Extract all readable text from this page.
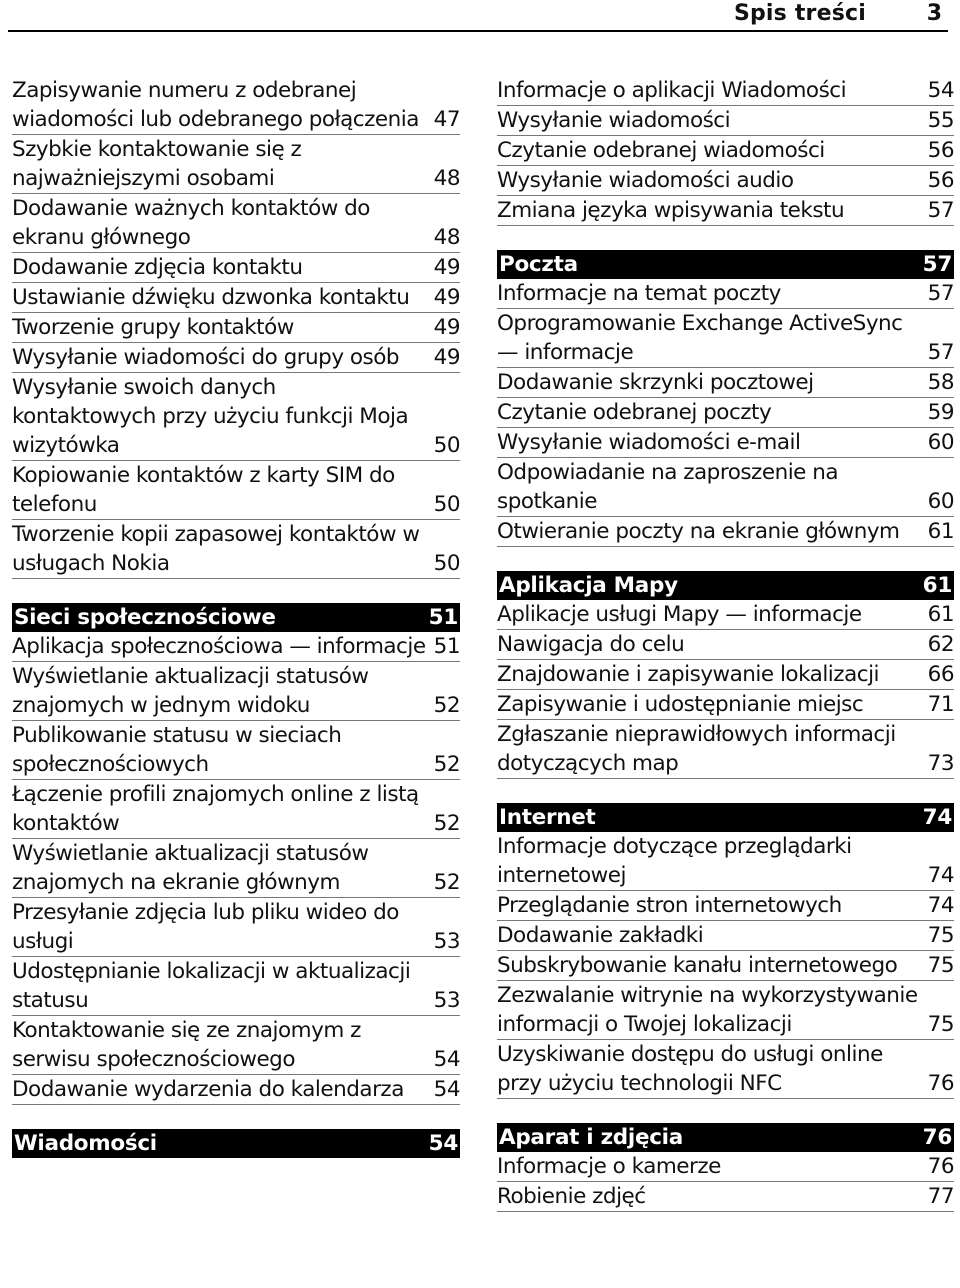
Spis treści	3
Zapisywanie numeru z odebranej wiadomości lub odebranego połączenia 47
Szybkie kontaktowanie się z najważniejszymi osobami	48
Dodawanie ważnych kontaktów do ekranu głównego	48
Dodawanie zdjęcia kontaktu	49
Ustawianie dźwięku dzwonka kontaktu	49
Tworzenie grupy kontaktów	49
Wysyłanie wiadomości do grupy osób	49
Wysyłanie swoich danych kontaktowych przy użyciu funkcji Moja wizytówka	50
Kopiowanie kontaktów z karty SIM do telefonu	50
Tworzenie kopii zapasowej kontaktów w usługach Nokia	50
Sieci społecznościowe	51
Aplikacja społecznościowa — informacje 51
Wyświetlanie aktualizacji statusów znajomych w jednym widoku	52
Publikowanie statusu w sieciach społecznościowych	52
Łączenie profili znajomych online z listą kontaktów	52
Wyświetlanie aktualizacji statusów znajomych na ekranie głównym	52
Przesyłanie zdjęcia lub pliku wideo do usługi	53
Udostępnianie lokalizacji w aktualizacji statusu	53
Kontaktowanie się ze znajomym z serwisu społecznościowego	54
Dodawanie wydarzenia do kalendarza	54
Wiadomości	54
Informacje o aplikacji Wiadomości	54
Wysyłanie wiadomości	55
Czytanie odebranej wiadomości	56
Wysyłanie wiadomości audio	56
Zmiana języka wpisywania tekstu	57
Poczta	57
Informacje na temat poczty	57
Oprogramowanie Exchange ActiveSync — informacje	57
Dodawanie skrzynki pocztowej	58
Czytanie odebranej poczty	59
Wysyłanie wiadomości e-mail	60
Odpowiadanie na zaproszenie na spotkanie	60
Otwieranie poczty na ekranie głównym	61
Aplikacja Mapy	61
Aplikacje usługi Mapy — informacje	61
Nawigacja do celu	62
Znajdowanie i zapisywanie lokalizacji	66
Zapisywanie i udostępnianie miejsc	71
Zgłaszanie nieprawidłowych informacji dotyczących map	73
Internet	74
Informacje dotyczące przeglądarki internetowej	74
Przeglądanie stron internetowych	74
Dodawanie zakładki	75
Subskrybowanie kanału internetowego	75
Zezwalanie witrynie na wykorzystywanie informacji o Twojej lokalizacji	75
Uzyskiwanie dostępu do usługi online przy użyciu technologii NFC	76
Aparat i zdjęcia	76
Informacje o kamerze	76
Robienie zdjęć	77
